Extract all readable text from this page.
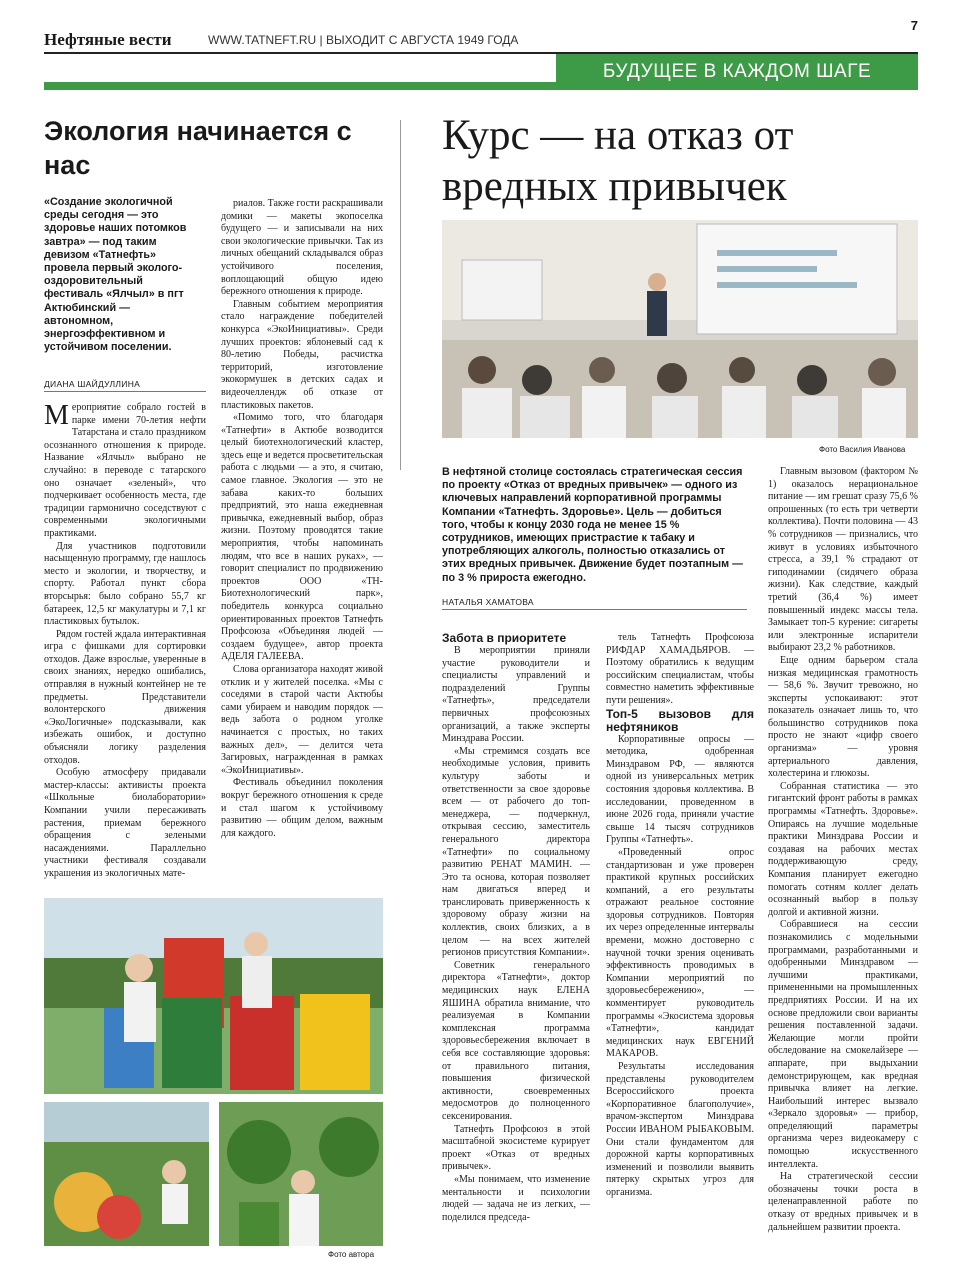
Нефтяные вести	WWW.TATNEFT.RU | ВЫХОДИТ С АВГУСТА 1949 ГОДА
7
БУДУЩЕЕ В КАЖДОМ ШАГЕ
Экология начинается с нас
«Создание экологичной среды сегодня — это здоровье наших потомков завтра» — под таким девизом «Татнефть» провела первый эколого-оздоровительный фестиваль «Ялчыл» в пгт Актюбинский — автономном, энергоэффективном и устойчивом поселении.
ДИАНА ШАЙДУЛЛИНА

Мероприятие собрало гостей в парке имени 70-летия нефти Татарстана и стало праздником осознанного отношения к природе. Название «Ялчыл» выбрано не случайно: в переводе с татарского оно означает «зеленый», что подчеркивает особенность места, где традиции гармонично соседствуют с современными экологичными практиками.

Для участников подготовили насыщенную программу, где нашлось место и экологии, и творчеству, и спорту. Работал пункт сбора вторсырья: было собрано 55,7 кг батареек, 12,5 кг макулатуры и 7,1 кг пластиковых бутылок.

Рядом гостей ждала интерактивная игра с фишками для сортировки отходов. Даже взрослые, уверенные в своих знаниях, нередко ошибались, отправляя в нужный контейнер не те предметы. Представители волонтерского движения «ЭкоЛогичные» подсказывали, как избежать ошибок, и доступно объясняли логику разделения отходов.

Особую атмосферу придавали мастер-классы: активисты проекта «Школьные биолаборатории» Компании учили пересаживать растения, приемам бережного обращения с зелеными насаждениями. Параллельно участники фестиваля создавали украшения из экологичных мате-

риалов. Также гости раскрашивали домики — макеты экопоселка будущего — и записывали на них свои экологические привычки. Так из личных обещаний складывался образ устойчивого поселения, воплощающий общую идею бережного отношения к природе.

Главным событием мероприятия стало награждение победителей конкурса «ЭкоИнициативы». Среди лучших проектов: яблоневый сад к 80-летию Победы, расчистка территорий, изготовление экокормушек в детских садах и видеочеллендж об отказе от пластиковых пакетов.

«Помимо того, что благодаря «Татнефти» в Актюбе возводится целый биотехнологический кластер, здесь еще и ведется просветительская работа с людьми — а это, я считаю, самое главное. Экология — это не забава каких-то больших предприятий, это наша ежедневная привычка, ежедневный выбор, образ жизни. Поэтому проводятся такие мероприятия, чтобы напоминать людям, что все в наших руках», — говорит специалист по продвижению проектов ООО «ТН-Биотехнологический парк», победитель конкурса социально ориентированных проектов Татнефть Профсоюза «Объединяя людей — создаем будущее», автор проекта АДЕЛЯ ГАЛЕЕВА.

Слова организатора находят живой отклик и у жителей поселка. «Мы с соседями в старой части Актюбы сами убираем и наводим порядок — ведь забота о родном уголке начинается с простых, но таких важных дел», — делится чета Загировых, награжденная в рамках «ЭкоИнициативы».

Фестиваль объединил поколения вокруг бережного отношения к среде и стал шагом к устойчивому развитию — общим делом, важным для каждого.

Фото автора
Курс — на отказ от вредных привычек
Фото Василия Иванова
В нефтяной столице состоялась стратегическая сессия по проекту «Отказ от вредных привычек» — одного из ключевых направлений корпоративной программы Компании «Татнефть. Здоровье». Цель — добиться того, чтобы к концу 2030 года не менее 15 % сотрудников, имеющих пристрастие к табаку и употребляющих алкоголь, полностью отказались от этих вредных привычек. Движение будет поэтапным — по 3 % прироста ежегодно.
НАТАЛЬЯ ХАМАТОВА

Забота в приоритете

В мероприятии приняли участие руководители и специалисты управлений и подразделений Группы «Татнефть», председатели первичных профсоюзных организаций, а также эксперты Минздрава России.

«Мы стремимся создать все необходимые условия, привить культуру заботы и ответственности за свое здоровье всем — от рабочего до топ-менеджера, — подчеркнул, открывая сессию, заместитель генерального директора «Татнефти» по социальному развитию РЕНАТ МАМИН. — Это та основа, которая позволяет нам двигаться вперед и транслировать приверженность к здоровому образу жизни на коллектив, своих близких, а в целом — на всех жителей регионов присутствия Компании».

Советник генерального директора «Татнефти», доктор медицинских наук ЕЛЕНА ЯШИНА обратила внимание, что реализуемая в Компании комплексная программа здоровьесбережения включает в себя все составляющие здоровья: от правильного питания, повышения физической активности, своевременных медосмотров до полноценного сексенирования.

Татнефть Профсоюз в этой масштабной экосистеме курирует проект «Отказ от вредных привычек».

«Мы понимаем, что изменение ментальности и психологии людей — задача не из легких, — поделился председа-

тель Татнефть Профсоюза РИФДАР ХАМАДЬЯРОВ. — Поэтому обратились к ведущим российским специалистам, чтобы совместно наметить эффективные пути решения».

Топ-5 вызовов для нефтяников

Корпоративные опросы — методика, одобренная Минздравом РФ, — являются одной из универсальных метрик состояния здоровья коллектива. В исследовании, проведенном в июне 2026 года, приняли участие свыше 14 тысяч сотрудников Группы «Татнефть».

«Проведенный опрос стандартизован и уже проверен практикой крупных российских компаний, а его результаты отражают реальное состояние здоровья сотрудников. Повторяя их через определенные интервалы времени, можно достоверно с научной точки зрения оценивать эффективность проводимых в Компании мероприятий по здоровьесбережению», — комментирует руководитель программы «Экосистема здоровья «Татнефти», кандидат медицинских наук ЕВГЕНИЙ МАКАРОВ.

Результаты исследования представлены руководителем Всероссийского проекта «Корпоративное благополучие», врачом-экспертом Минздрава России ИВАНОМ РЫБАКОВЫМ. Они стали фундаментом для дорожной карты корпоративных изменений и позволили выявить пятерку скрытых угроз для организма.

Главным вызовом (фактором № 1) оказалось нерациональное питание — им грешат сразу 75,6 % опрошенных (то есть три четверти коллектива). Почти половина — 43 % сотрудников — признались, что живут в условиях избыточного стресса, а 39,1 % страдают от гиподинамии (сидячего образа жизни). Как следствие, каждый третий (36,4 %) имеет повышенный индекс массы тела. Замыкает топ-5 курение: сигареты или электронные испарители выбирают 23,2 % работников.

Еще одним барьером стала низкая медицинская грамотность — 58,6 %. Звучит тревожно, но эксперты успокаивают: этот показатель означает лишь то, что большинство сотрудников пока просто не знают «цифр своего организма» — уровня артериального давления, холестерина и глюкозы.

Собранная статистика — это гигантский фронт работы в рамках программы «Татнефть. Здоровье». Опираясь на лучшие модельные практики Минздрава России и создавая на рабочих местах поддерживающую среду, Компания планирует ежегодно помогать сотням коллег делать осознанный выбор в пользу долгой и активной жизни.

Собравшиеся на сессии познакомились с модельными программами, разработанными и одобренными Минздравом — лучшими практиками, примененными на промышленных предприятиях России. И на их основе предложили свои варианты решения поставленной задачи. Желающие могли пройти обследование на смокелайзере — аппарате, при выдыхании демонстрирующем, как вредная привычка влияет на легкие. Наибольший интерес вызвало «Зеркало здоровья» — прибор, определяющий параметры организма через видеокамеру с помощью искусственного интеллекта.

На стратегической сессии обозначены точки роста в целенаправленной работе по отказу от вредных привычек и в дальнейшем развитии проекта.
